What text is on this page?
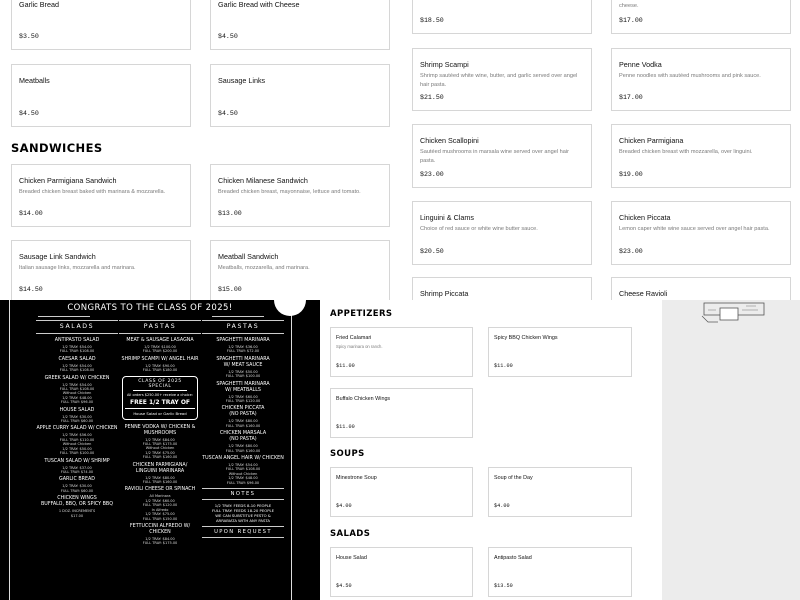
Garlic Bread
$3.50
Garlic Bread with Cheese
$4.50
Meatballs
$4.50
Sausage Links
$4.50
SANDWICHES
Chicken Parmigiana Sandwich
Breaded chicken breast baked with marinara & mozzarella.
$14.00
Chicken Milanese Sandwich
Breaded chicken breast, mayonnaise, lettuce and tomato.
$13.00
Sausage Link Sandwich
Italian sausage links, mozzarella and marinara.
$14.50
Meatball Sandwich
Meatballs, mozzarella, and marinara.
$15.00
$18.50
cheese.
$17.00
Shrimp Scampi
Shrimp sautéed white wine, butter, and garlic served over angel hair pasta.
$21.50
Penne Vodka
Penne noodles with sautéed mushrooms and pink sauce.
$17.00
Chicken Scallopini
Sautéed mushrooms in marsala wine served over angel hair pasta.
$23.00
Chicken Parmigiana
Breaded chicken breast with mozzarella, over linguini.
$19.00
Linguini & Clams
Choice of red sauce or white wine butter sauce.
$20.50
Chicken Piccata
Lemon caper white wine sauce served over angel hair pasta.
$23.00
Shrimp Piccata	Cheese Ravioli
CONGRATS TO THE CLASS OF 2025!
SALADS
ANTIPASTO SALAD
1/2 TRAY: $54.00
FULL TRAY: $108.00
CAESAR SALAD
1/2 TRAY: $54.00
FULL TRAY: $108.00
GREEK SALAD W/ CHICKEN
1/2 TRAY: $54.00
FULL TRAY: $108.00
Without Chicken
1/2 TRAY: $48.00
FULL TRAY: $96.00
HOUSE SALAD
1/2 TRAY: $30.00
FULL TRAY: $60.00
APPLE CURRY SALAD W/ CHICKEN
1/2 TRAY: $56.00
FULL TRAY: $110.00
Without Chicken
1/2 TRAY: $50.00
FULL TRAY: $100.00
TUSCAN SALAD W/ SHRIMP
1/2 TRAY: $37.00
FULL TRAY: $74.00
GARLIC BREAD
1/2 TRAY: $30.00
FULL TRAY: $60.00
CHICKEN WINGS
BUFFALO, BBQ, OR SPICY BBQ
1 DOZ. INCREMENTS
$17.00
PASTAS
MEAT & SAUSAGE LASAGNA
1/2 TRAY: $100.00
FULL TRAY: $200.00
SHRIMP SCAMPI W/ ANGEL HAIR
1/2 TRAY: $90.00
FULL TRAY: $180.00
CLASS OF 2025 SPECIAL
All orders $250.00+ receive a choice:
FREE 1/2 TRAY OF
House Salad or Garlic Bread
PENNE VODKA W/ CHICKEN &
MUSHROOMS
1/2 TRAY: $84.00
FULL TRAY: $175.00
Without Chicken
1/2 TRAY: $75.00
FULL TRAY: $160.00
CHICKEN PARMIGIANA/
LINGUINI MARINARA
1/2 TRAY: $80.00
FULL TRAY: $160.00
RAVIOLI CHEESE OR SPINACH
All Marinara
1/2 TRAY: $60.00
FULL TRAY: $120.00
In Alfredo
1/2 TRAY: $75.00
FULL TRAY: $150.00
FETTUCCINI ALFREDO W/ CHICKEN
1/2 TRAY: $84.00
FULL TRAY: $175.00
PASTAS
SPAGHETTI MARINARA
1/2 TRAY: $36.00
FULL TRAY: $72.00
SPAGHETTI MARINARA
W/ MEAT SAUCE
1/2 TRAY: $50.00
FULL TRAY: $100.00
SPAGHETTI MARINARA
W/ MEATBALLS
1/2 TRAY: $60.00
FULL TRAY: $120.00
CHICKEN PICCATA
(NO PASTA)
1/2 TRAY: $80.00
FULL TRAY: $160.00
CHICKEN MARSALA
(NO PASTA)
1/2 TRAY: $80.00
FULL TRAY: $160.00
TUSCAN ANGEL HAIR W/ CHICKEN
1/2 TRAY: $54.00
FULL TRAY: $108.00
Without Chicken
1/2 TRAY: $48.00
FULL TRAY: $96.00
NOTES
1/2 TRAY: FEEDS 8-10 PEOPLE
FULL TRAY: FEEDS 18-20 PEOPLE
WE CAN SUBSTITUE PESTO &
ARRABIATA WITH ANY PASTA
UPON REQUEST
APPETIZERS
Fried Calamari
Spicy marinara on ranch.
$11.00
Spicy BBQ Chicken Wings
$11.00
Buffalo Chicken Wings
$11.00
SOUPS
Minestrone Soup
$4.00
Soup of the Day
$4.00
SALADS
House Salad
$4.50
Antipasto Salad
$13.50
